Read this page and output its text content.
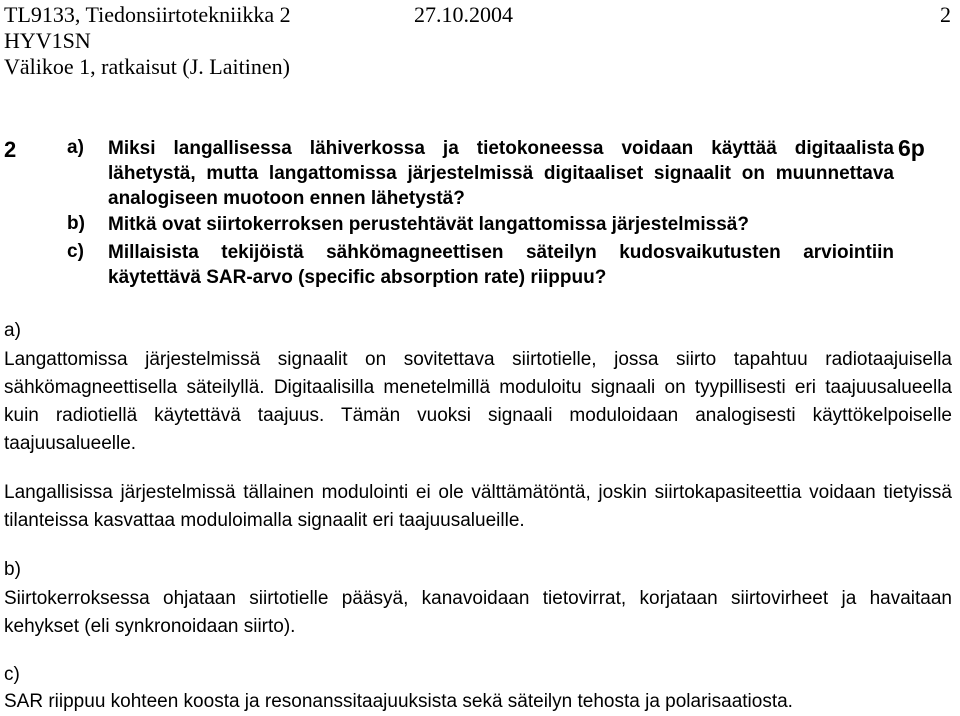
TL9133, Tiedonsiirtotekniikka 2	27.10.2004	2
HYV1SN
Välikoe 1, ratkaisut (J. Laitinen)
2	6p
a) Miksi langallisessa lähiverkossa ja tietokoneessa voidaan käyttää digitaalista lähetystä, mutta langattomissa järjestelmissä digitaaliset signaalit on muunnettava analogiseen muotoon ennen lähetystä?
b) Mitkä ovat siirtokerroksen perustehtävät langattomissa järjestelmissä?
c) Millaisista tekijöistä sähkömagneettisen säteilyn kudosvaikutusten arviointiin käytettävä SAR-arvo (specific absorption rate) riippuu?
a)
Langattomissa järjestelmissä signaalit on sovitettava siirtotielle, jossa siirto tapahtuu radiotaajuisella sähkömagneettisella säteilyllä. Digitaalisilla menetelmillä moduloitu signaali on tyypillisesti eri taajuusalueella kuin radiotiellä käytettävä taajuus. Tämän vuoksi signaali moduloidaan analogisesti käyttökelpoiselle taajuusalueelle.
Langallisissa järjestelmissä tällainen modulointi ei ole välttämätöntä, joskin siirtokapasiteettia voidaan tietyissä tilanteissa kasvattaa moduloimalla signaalit eri taajuusalueille.
b)
Siirtokerroksessa ohjataan siirtotielle pääsyä, kanavoidaan tietovirrat, korjataan siirtovirheet ja havaitaan kehykset (eli synkronoidaan siirto).
c)
SAR riippuu kohteen koosta ja resonanssitaajuuksista sekä säteilyn tehosta ja polarisaatiosta.
